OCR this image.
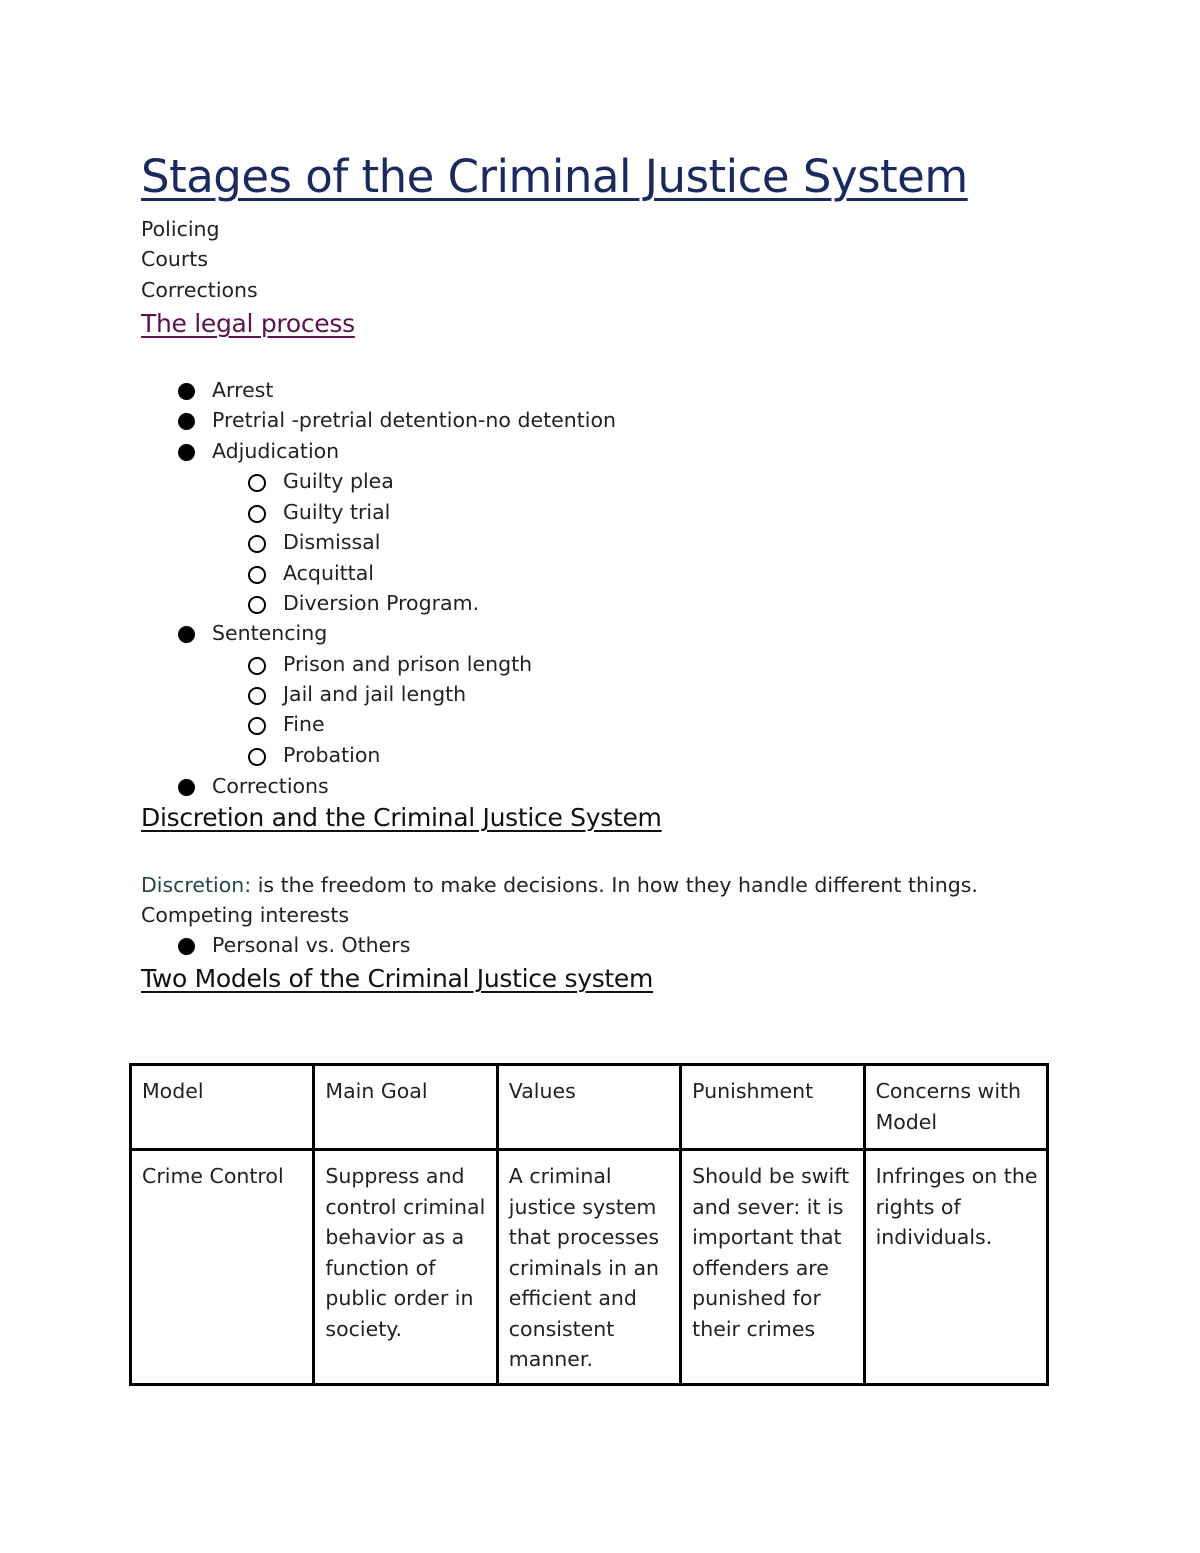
Stages of the Criminal Justice System
Policing
Courts
Corrections
The legal process
Arrest
Pretrial -pretrial detention-no detention
Adjudication
Guilty plea
Guilty trial
Dismissal
Acquittal
Diversion Program.
Sentencing
Prison and prison length
Jail and jail length
Fine
Probation
Corrections
Discretion and the Criminal Justice System
Discretion: is the freedom to make decisions. In how they handle different things.
Competing interests
Personal vs. Others
Two Models of the Criminal Justice system
Model	Main Goal	Values	Punishment	Concerns with Model
Crime Control	Suppress and control criminal behavior as a function of public order in society.	A criminal justice system that processes criminals in an efficient and consistent manner.	Should be swift and sever: it is important that offenders are punished for their crimes	Infringes on the rights of individuals.
